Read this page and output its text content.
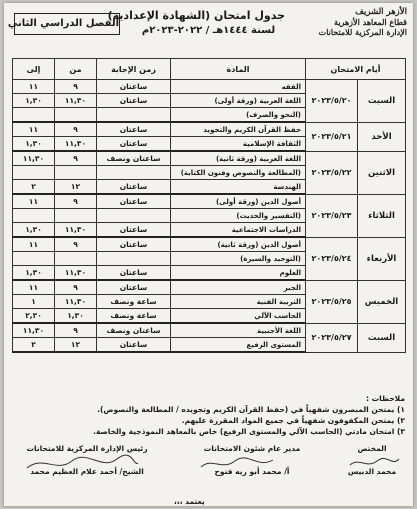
الأزهر الشريف
قطاع المعاهد الأزهرية
الإدارة المركزية للامتحانات
جدول امتحان (الشهادة الإعدادية)
لسنة ١٤٤٤هـ / ٢٠٢٢-٢٠٢٣م
الفصل الدراسي الثاني
أيام الامتحان		المادة	زمن الإجابة	من	إلى
السبت	٢٠٢٣/٥/٢٠	الفقه	ساعتان	٩	١١
		اللغة العربية (ورقة أولى)	ساعتان	١١,٣٠	١,٣٠
		(النحو والصرف)			
الأحد	٢٠٢٣/٥/٢١	حفظ القرآن الكريم والتجويد	ساعتان	٩	١١
		الثقافة الإسلامية	ساعتان	١١,٣٠	١,٣٠
الاثنين	٢٠٢٣/٥/٢٢	اللغة العربية (ورقة ثانية)	ساعتان ونصف	٩	١١,٣٠
		(المطالعة والنصوص وفنون الكتابة)			
		الهندسة	ساعتان	١٢	٢
الثلاثاء	٢٠٢٣/٥/٢٣	أصول الدين (ورقة أولى)	ساعتان	٩	١١
		(التفسير والحديث)			
		الدراسات الاجتماعية	ساعتان	١١,٣٠	١,٣٠
الأربعاء	٢٠٢٣/٥/٢٤	أصول الدين (ورقة ثانية)	ساعتان	٩	١١
		(التوحيد والسيرة)			
		العلوم	ساعتان	١١,٣٠	١,٣٠
الخميس	٢٠٢٣/٥/٢٥	الجبر	ساعتان	٩	١١
		التربية الفنية	ساعة ونصف	١١,٣٠	١
		الحاسب الآلي	ساعة ونصف	١,٣٠	٢,٣٠
السبت	٢٠٢٣/٥/٢٧	اللغة الأجنبية	ساعتان ونصف	٩	١١,٣٠
		المستوى الرفيع	ساعتان	١٢	٢
ملاحظات :
١) يمتحن المبصرون شفهياً في (حفظ القرآن الكريم وتجويده / المطالعة والنصوص).
٢) يمتحن المكفوفون شفهياً في جميع المواد المقررة عليهم.
٣) امتحان مادتي (الحاسب الآلي والمستوى الرفيع) خاص بالمعاهد النموذجية والخاصة.
المختص
محمد الدبيس
مدير عام شئون الامتحانات
أ/ محمد أبو ريه فتوح
رئيس الإدارة المركزية للامتحانات
الشيخ/ أحمد علام العظيم محمد
يعتمد ،،،
